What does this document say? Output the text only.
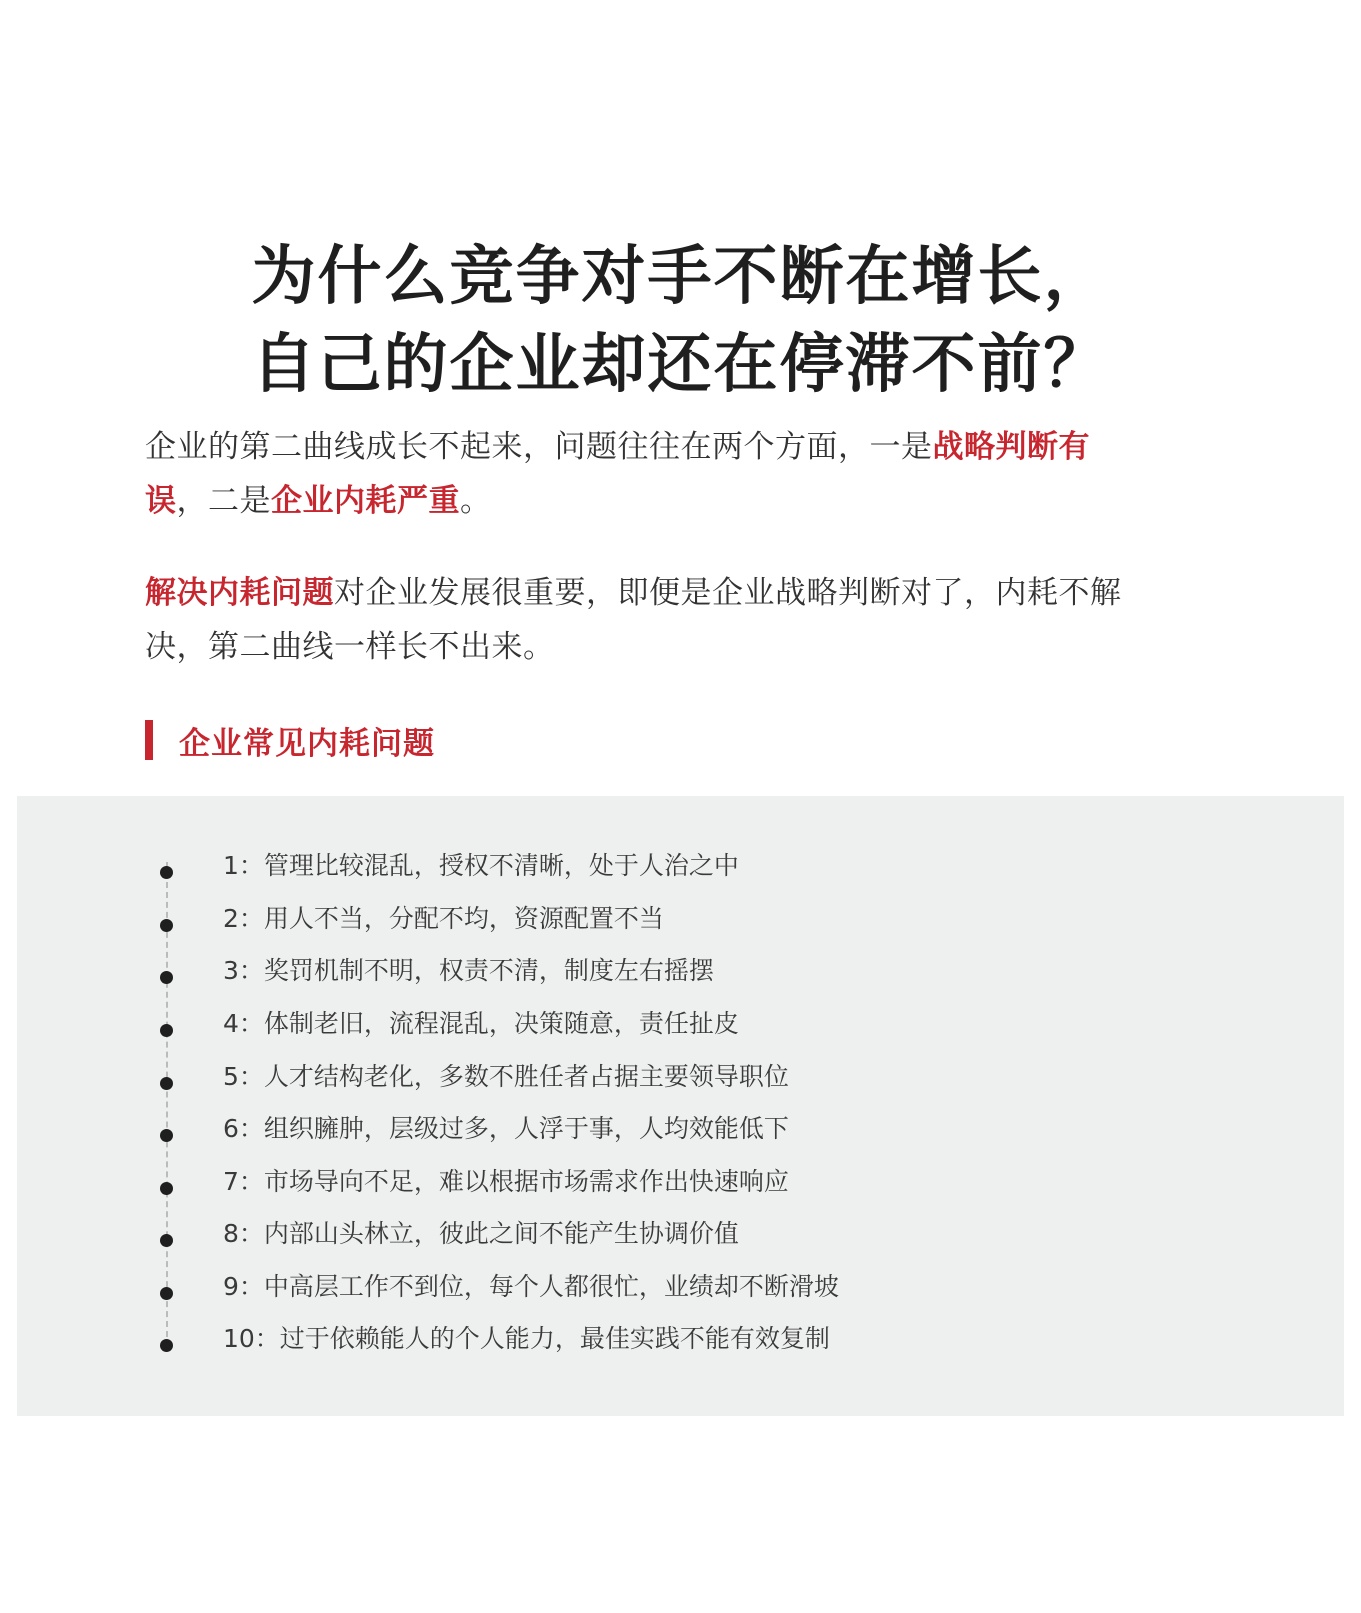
为什么竞争对手不断在增长，
自己的企业却还在停滞不前？

企业的第二曲线成长不起来，问题往往在两个方面，一是战略判断有误，二是企业内耗严重。

解决内耗问题对企业发展很重要，即便是企业战略判断对了，内耗不解决，第二曲线一样长不出来。

企业常见内耗问题
1：管理比较混乱，授权不清晰，处于人治之中
2：用人不当，分配不均，资源配置不当
3：奖罚机制不明，权责不清，制度左右摇摆
4：体制老旧，流程混乱，决策随意，责任扯皮
5：人才结构老化，多数不胜任者占据主要领导职位
6：组织臃肿，层级过多，人浮于事，人均效能低下
7：市场导向不足，难以根据市场需求作出快速响应
8：内部山头林立，彼此之间不能产生协调价值
9：中高层工作不到位，每个人都很忙，业绩却不断滑坡
10：过于依赖能人的个人能力，最佳实践不能有效复制
